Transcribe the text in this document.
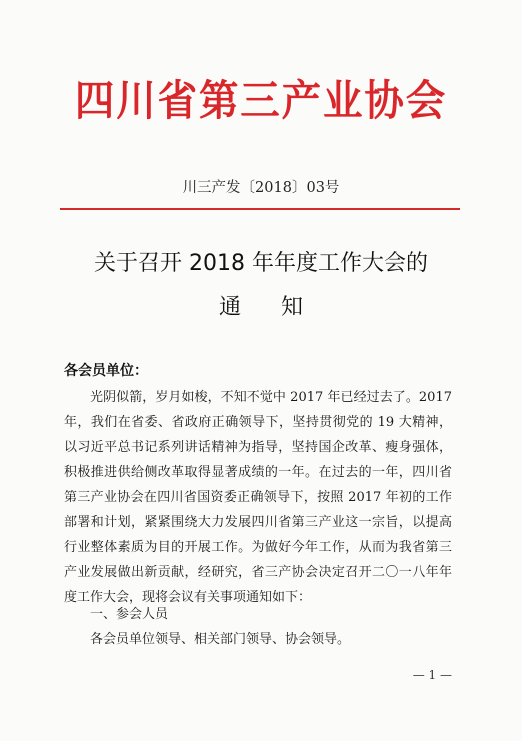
四川省第三产业协会
川三产发〔2018〕03号
关于召开 2018 年年度工作大会的
通知
各会员单位：

光阴似箭，岁月如梭，不知不觉中 2017 年已经过去了。2017 年，我们在省委、省政府正确领导下，坚持贯彻党的 19 大精神，以习近平总书记系列讲话精神为指导，坚持国企改革、瘦身强体，积极推进供给侧改革取得显著成绩的一年。在过去的一年，四川省第三产业协会在四川省国资委正确领导下，按照 2017 年初的工作部署和计划，紧紧围绕大力发展四川省第三产业这一宗旨，以提高行业整体素质为目的开展工作。为做好今年工作，从而为我省第三产业发展做出新贡献，经研究，省三产协会决定召开二〇一八年年度工作大会，现将会议有关事项通知如下：

一、参会人员
各会员单位领导、相关部门领导、协会领导。
— 1 —
